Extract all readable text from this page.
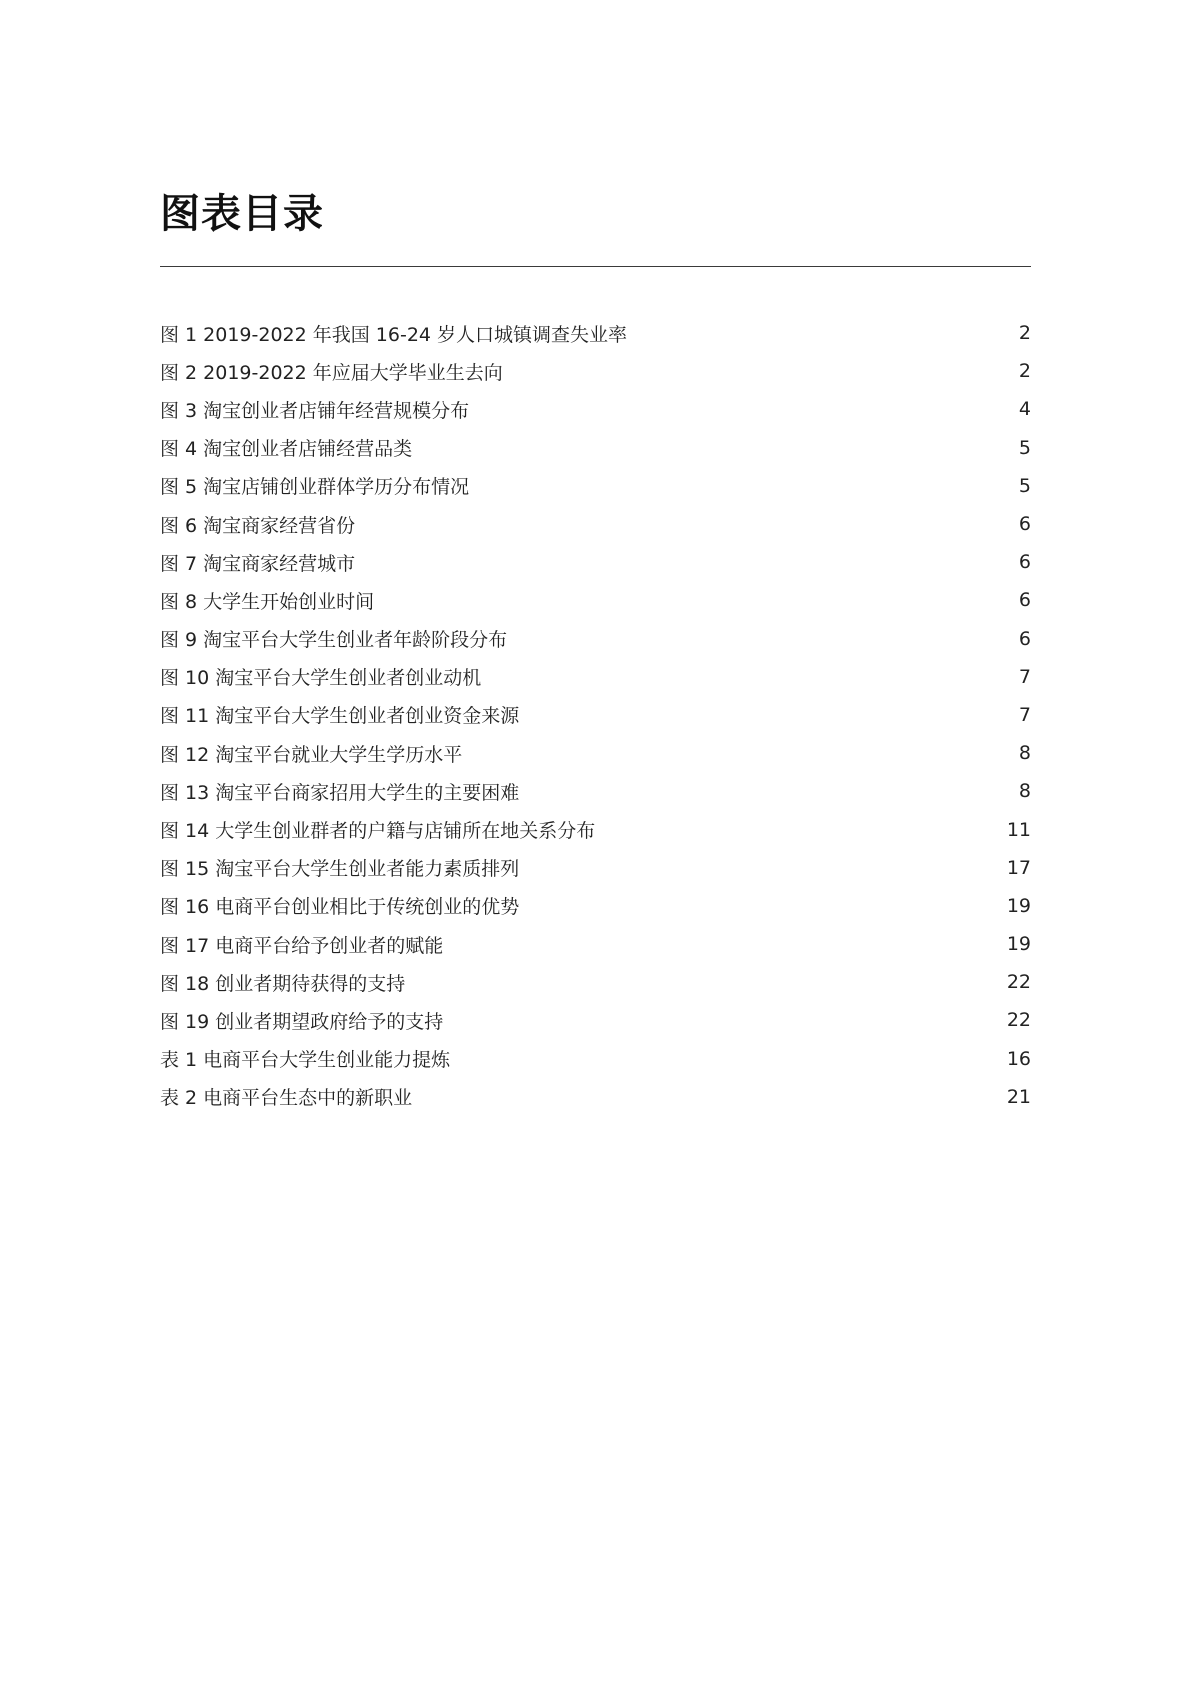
图表目录
图 1 2019-2022 年我国 16-24 岁人口城镇调查失业率	2
图 2 2019-2022 年应届大学毕业生去向	2
图 3 淘宝创业者店铺年经营规模分布	4
图 4 淘宝创业者店铺经营品类	5
图 5 淘宝店铺创业群体学历分布情况	5
图 6 淘宝商家经营省份	6
图 7 淘宝商家经营城市	6
图 8 大学生开始创业时间	6
图 9 淘宝平台大学生创业者年龄阶段分布	6
图 10 淘宝平台大学生创业者创业动机	7
图 11 淘宝平台大学生创业者创业资金来源	7
图 12 淘宝平台就业大学生学历水平	8
图 13 淘宝平台商家招用大学生的主要困难	8
图 14 大学生创业群者的户籍与店铺所在地关系分布	11
图 15 淘宝平台大学生创业者能力素质排列	17
图 16 电商平台创业相比于传统创业的优势	19
图 17 电商平台给予创业者的赋能	19
图 18 创业者期待获得的支持	22
图 19 创业者期望政府给予的支持	22
表 1 电商平台大学生创业能力提炼	16
表 2 电商平台生态中的新职业	21
